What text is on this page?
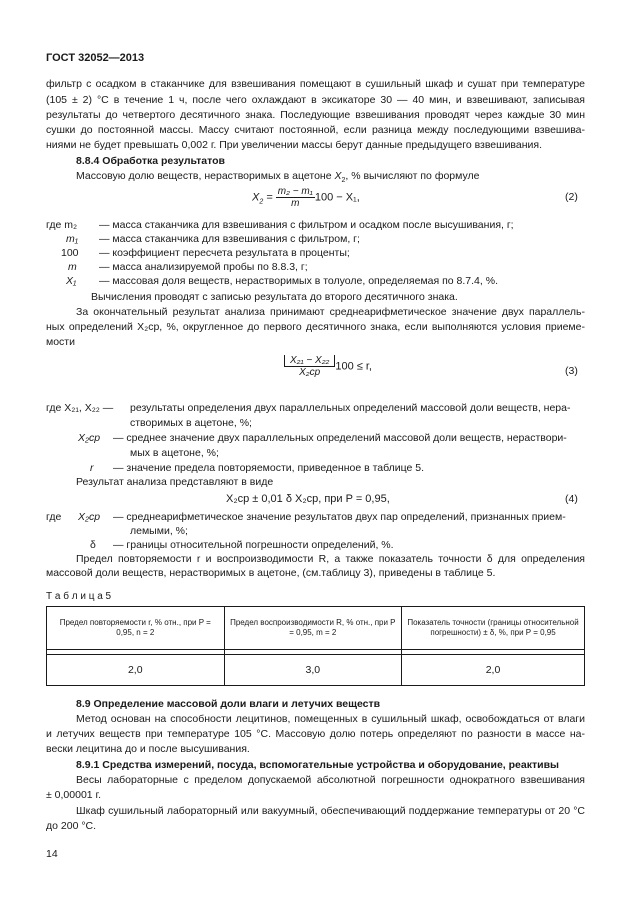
ГОСТ 32052—2013
фильтр с осадком в стаканчике для взвешивания помещают в сушильный шкаф и сушат при температуре
(105 ± 2) °С в течение 1 ч, после чего охлаждают в эксикаторе 30 — 40 мин, и взвешивают, записывая
результаты до четвертого десятичного знака. Последующие взвешивания проводят через каждые 30 мин
сушки до постоянной массы. Массу считают постоянной, если разница между последующими взвешива-
ниями не будет превышать 0,002 г. При увеличении массы берут данные предыдущего взвешивания.
8.8.4 Обработка результатов
Массовую долю веществ, нерастворимых в ацетоне $X_2$, % вычисляют по формуле
$X_2 = \frac{\text{m₂ − m₁}}{m} 100 - X_1$,	(2)
где m₂ — масса стаканчика для взвешивания с фильтром и осадком после высушивания, г;
m₁ — масса стаканчика для взвешивания с фильтром, г;
100 — коэффициент пересчета результата в проценты;
m — масса анализируемой пробы по 8.8.3, г;
X₁ — массовая доля веществ, нерастворимых в толуоле, определяемая по 8.7.4, %.
Вычисления проводят с записью результата до второго десятичного знака.
За окончательный результат анализа принимают среднеарифметическое значение двух параллель-
ных определений X₂cp, %, округленное до первого десятичного знака, если выполняются условия приеме-
мости
$\frac{\text{X₂₁ − X₂₂}}{\text{X₂cp}} 100 \le r$,	(3)
где X₂₁, X₂₂ — результаты определения двух параллельных определений массовой доли веществ, нера-
створимых в ацетоне, %;
X₂cp — среднее значение двух параллельных определений массовой доли веществ, нераствори-
мых в ацетоне, %;
r — значение предела повторяемости, приведенное в таблице 5.
Результат анализа представляют в виде
X₂cp ± 0,01 δ X₂cp, при P = 0,95,	(4)
где X₂cp — среднеарифметическое значение результатов двух пар определений, признанных прием-
лемыми, %;
δ — границы относительной погрешности определений, %.
Предел повторяемости r и воспроизводимости R, а также показатель точности δ для определения
массовой доли веществ, нерастворимых в ацетоне, (см.таблицу 3), приведены в таблице 5.
Т а б л и ц а 5
Предел повторяемости r, % отн., при P = 0,95, n = 2	Предел воспроизводимости R, % отн., при P = 0,95, m = 2	Показатель точности (границы относительной погрешности) ± δ, %, при P = 0,95

2,0	3,0	2,0
8.9 Определение массовой доли влаги и летучих веществ
Метод основан на способности лецитинов, помещенных в сушильный шкаф, освобождаться от влаги
и летучих веществ при температуре 105 °С. Массовую долю потерь определяют по разности в массе на-
вески лецитина до и после высушивания.
8.9.1 Средства измерений, посуда, вспомогательные устройства и оборудование, реактивы
Весы лабораторные с пределом допускаемой абсолютной погрешности однократного взвешивания
± 0,00001 г.
Шкаф сушильный лабораторный или вакуумный, обеспечивающий поддержание температуры от 20 °С
до 200 °С.
14
